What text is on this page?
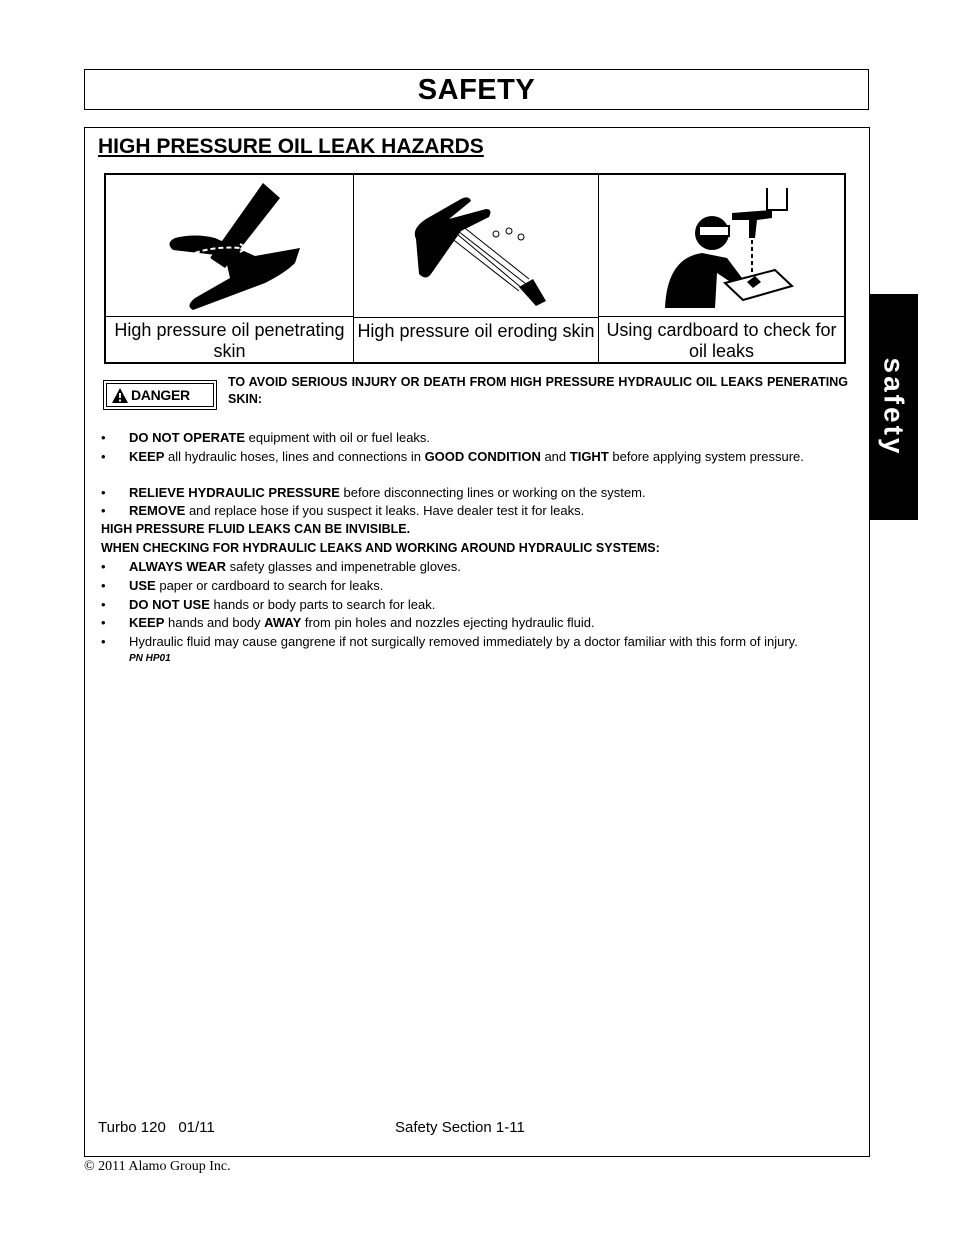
SAFETY
HIGH PRESSURE OIL LEAK HAZARDS
High pressure oil penetrating skin
High pressure oil eroding skin Using cardboard to check for oil leaks
safety
DANGER
TO AVOID SERIOUS INJURY OR DEATH FROM HIGH PRESSURE HYDRAULIC OIL LEAKS PENERATING SKIN:
• DO NOT OPERATE equipment with oil or fuel leaks.
• KEEP all hydraulic hoses, lines and connections in GOOD CONDITION and TIGHT before applying system pressure.
• RELIEVE HYDRAULIC PRESSURE before disconnecting lines or working on the system.
• REMOVE and replace hose if you suspect it leaks. Have dealer test it for leaks.
HIGH PRESSURE FLUID LEAKS CAN BE INVISIBLE.
WHEN CHECKING FOR HYDRAULIC LEAKS AND WORKING AROUND HYDRAULIC SYSTEMS:
• ALWAYS WEAR safety glasses and impenetrable gloves.
• USE paper or cardboard to search for leaks.
• DO NOT USE hands or body parts to search for leak.
• KEEP hands and body AWAY from pin holes and nozzles ejecting hydraulic fluid.
• Hydraulic fluid may cause gangrene if not surgically removed immediately by a doctor familiar with this form of injury.
PN HP01
Turbo 120   01/11	Safety Section 1-11
© 2011 Alamo Group Inc.
